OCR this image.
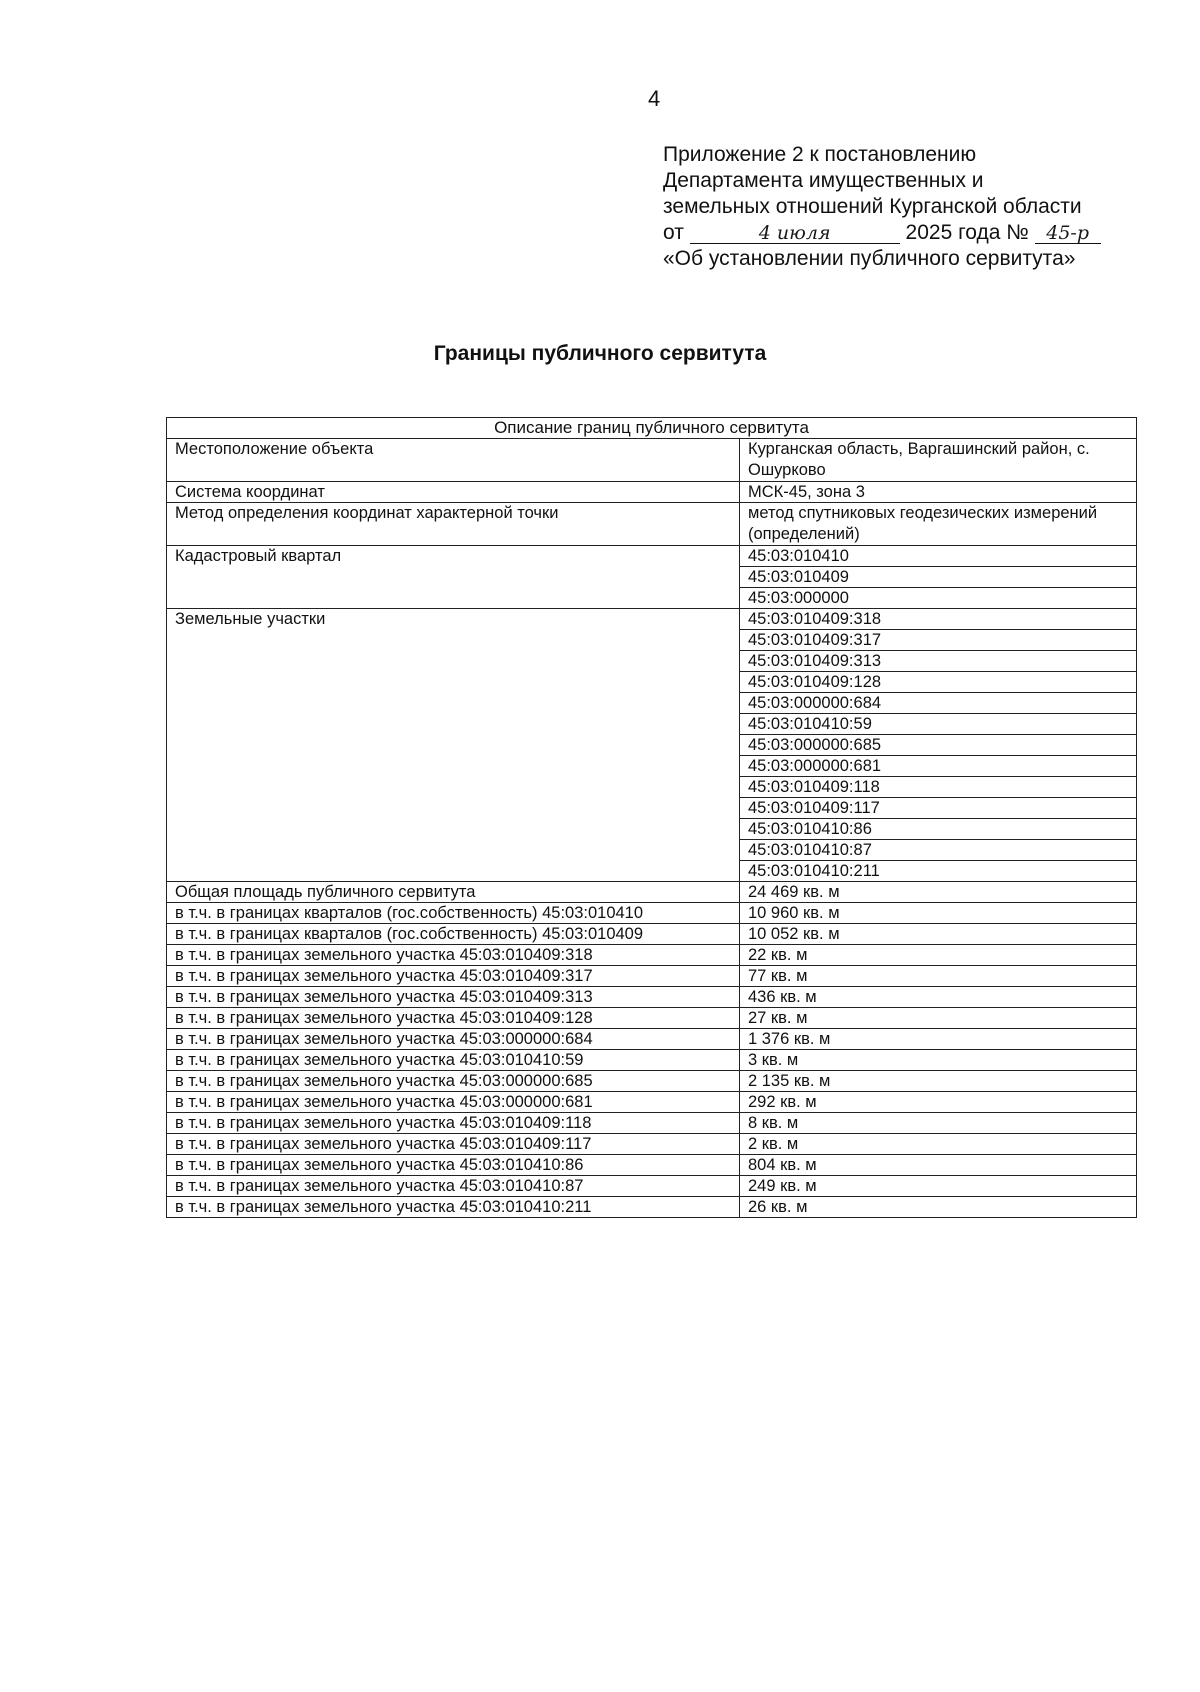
4
Приложение 2 к постановлению
Департамента имущественных и
земельных отношений Курганской области
от	4 июля	2025 года № 45-р
«Об установлении публичного сервитута»
Границы публичного сервитута
Описание границ публичного сервитута	
Местоположение объекта	Курганская область, Варгашинский район, с. Ошурково
Система координат	МСК-45, зона 3
Метод определения координат характерной точки	метод спутниковых геодезических измерений (определений)
Кадастровый квартал	45:03:010410
	45:03:010409
	45:03:000000
Земельные участки	45:03:010409:318
	45:03:010409:317
	45:03:010409:313
	45:03:010409:128
	45:03:000000:684
	45:03:010410:59
	45:03:000000:685
	45:03:000000:681
	45:03:010409:118
	45:03:010409:117
	45:03:010410:86
	45:03:010410:87
	45:03:010410:211
Общая площадь публичного сервитута	24 469 кв. м
в т.ч. в границах кварталов (гос.собственность) 45:03:010410	10 960 кв. м
в т.ч. в границах кварталов (гос.собственность) 45:03:010409	10 052 кв. м
в т.ч. в границах земельного участка 45:03:010409:318	22 кв. м
в т.ч. в границах земельного участка 45:03:010409:317	77 кв. м
в т.ч. в границах земельного участка 45:03:010409:313	436 кв. м
в т.ч. в границах земельного участка 45:03:010409:128	27 кв. м
в т.ч. в границах земельного участка 45:03:000000:684	1 376 кв. м
в т.ч. в границах земельного участка 45:03:010410:59	3 кв. м
в т.ч. в границах земельного участка 45:03:000000:685	2 135 кв. м
в т.ч. в границах земельного участка 45:03:000000:681	292 кв. м
в т.ч. в границах земельного участка 45:03:010409:118	8 кв. м
в т.ч. в границах земельного участка 45:03:010409:117	2 кв. м
в т.ч. в границах земельного участка 45:03:010410:86	804 кв. м
в т.ч. в границах земельного участка 45:03:010410:87	249 кв. м
в т.ч. в границах земельного участка 45:03:010410:211	26 кв. м
